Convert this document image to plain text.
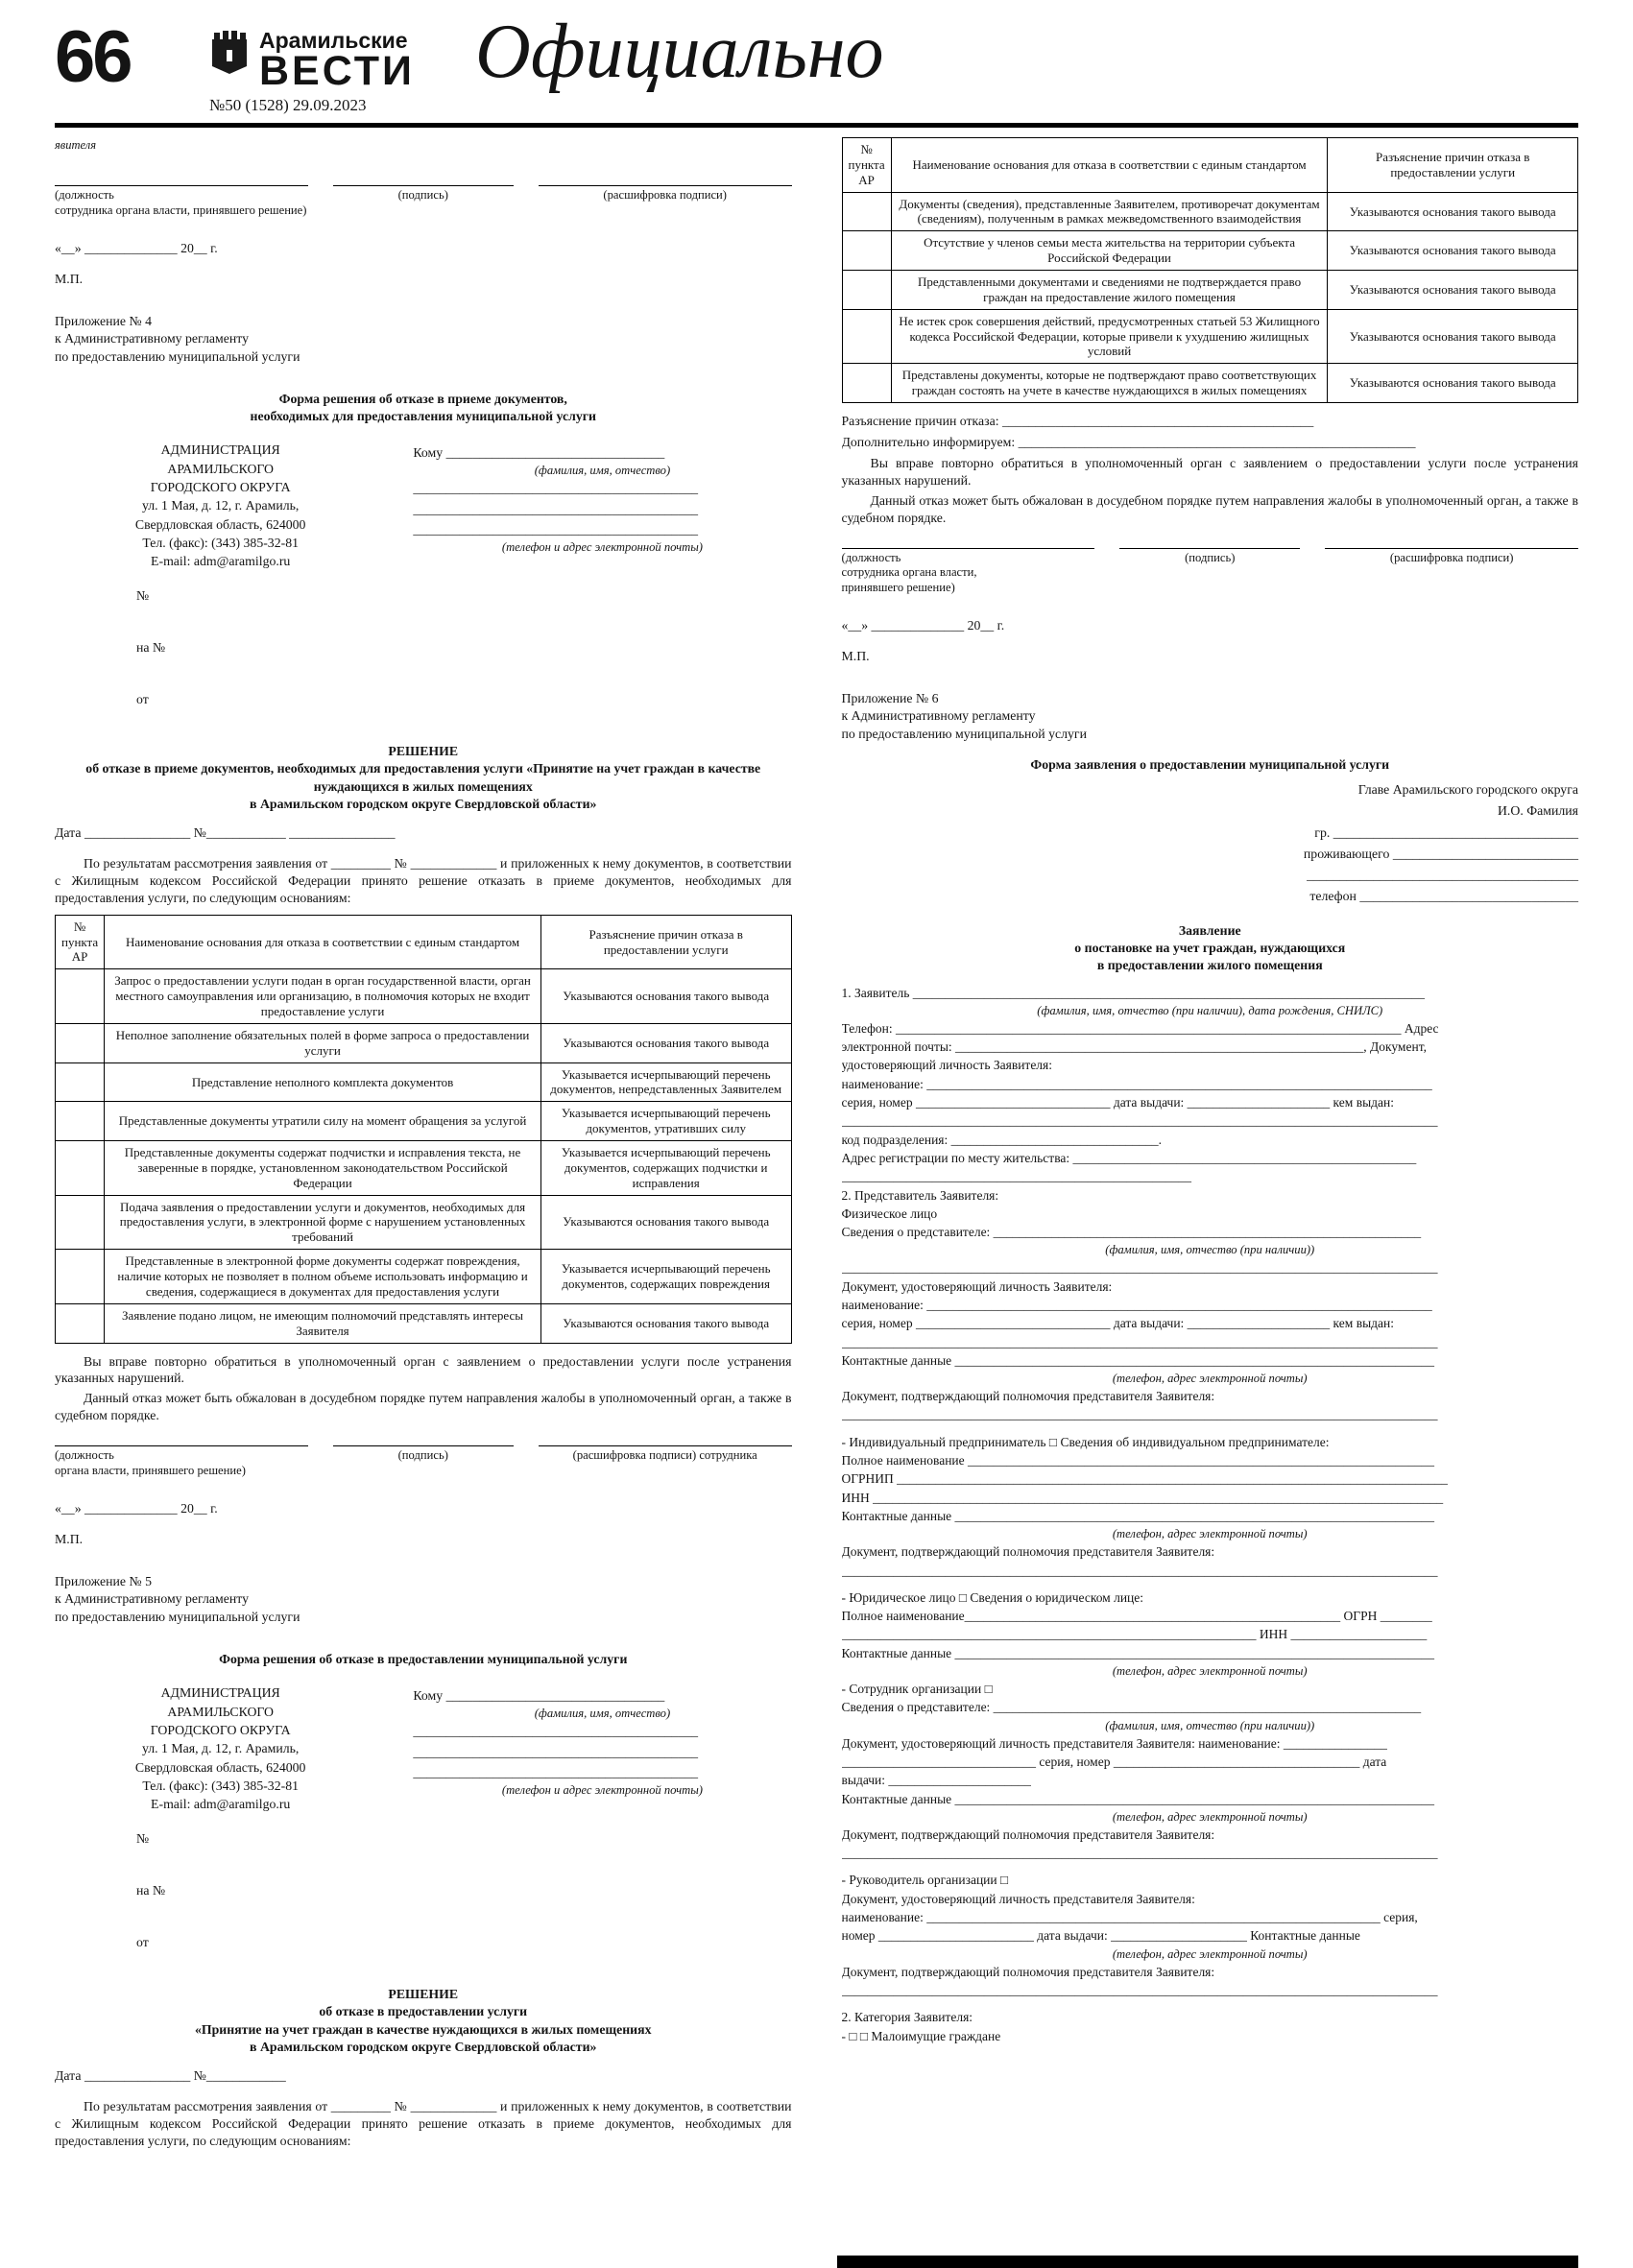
66	Арамильские
ВЕСТИ
№50 (1528) 29.09.2023
Официально
явителя
(должность	(подпись)	(расшифровка подписи)
сотрудника органа власти, принявшего решение)
«__» ______________ 20__ г.
М.П.
Приложение № 4
к Административному регламенту
по предоставлению муниципальной услуги
Форма решения об отказе в приеме документов,
необходимых для предоставления муниципальной услуги
АДМИНИСТРАЦИЯ
АРАМИЛЬСКОГО
ГОРОДСКОГО ОКРУГА
ул. 1 Мая, д. 12, г. Арамиль,
Свердловская область, 624000
Тел. (факс): (343) 385-32-81
E-mail: adm@aramilgo.ru
Кому _________________________________
(фамилия, имя, отчество)
___________________________________________
___________________________________________
___________________________________________
(телефон и адрес электронной почты)
№
на №
от
РЕШЕНИЕ
об отказе в приеме документов, необходимых для предоставления услуги «Принятие на учет граждан в качестве нуждающихся в жилых помещениях
в Арамильском городском округе Свердловской области»
Дата ________________ №____________ ________________

По результатам рассмотрения заявления от _________ № _____________ и приложенных к нему документов, в соответствии с Жилищным кодексом Российской Федерации принято решение отказать в приеме документов, необходимых для предоставления услуги, по следующим основаниям:

№ пункта АР	Наименование основания для отказа в соответствии с единым стандартом	Разъяснение причин отказа в предоставлении услуги
	Запрос о предоставлении услуги подан в орган государственной власти, орган местного самоуправления или организацию, в полномочия которых не входит предоставление услуги	Указываются основания такого вывода
	Неполное заполнение обязательных полей в форме запроса о предоставлении услуги	Указываются основания такого вывода
	Представление неполного комплекта документов	Указывается исчерпывающий перечень документов, непредставленных Заявителем
	Представленные документы утратили силу на момент обращения за услугой	Указывается исчерпывающий перечень документов, утративших силу
	Представленные документы содержат подчистки и исправления текста, не заверенные в порядке, установленном законодательством Российской Федерации	Указывается исчерпывающий перечень документов, содержащих подчистки и исправления
	Подача заявления о предоставлении услуги и документов, необходимых для предоставления услуги, в электронной форме с нарушением установленных требований	Указываются основания такого вывода
	Представленные в электронной форме документы содержат повреждения, наличие которых не позволяет в полном объеме использовать информацию и сведения, содержащиеся в документах для предоставления услуги	Указывается исчерпывающий перечень документов, содержащих повреждения
	Заявление подано лицом, не имеющим полномочий представлять интересы Заявителя	Указываются основания такого вывода

Вы вправе повторно обратиться в уполномоченный орган с заявлением о предоставлении услуги после устранения указанных нарушений.

Данный отказ может быть обжалован в досудебном порядке путем направления жалобы в уполномоченный орган, а также в судебном порядке.

(должность	(подпись)	(расшифровка подписи) сотрудника
органа власти, принявшего решение)
«__» ______________ 20__ г.
М.П.
Приложение № 5
к Административному регламенту
по предоставлению муниципальной услуги
Форма решения об отказе в предоставлении муниципальной услуги
АДМИНИСТРАЦИЯ
АРАМИЛЬСКОГО
ГОРОДСКОГО ОКРУГА
ул. 1 Мая, д. 12, г. Арамиль,
Свердловская область, 624000
Тел. (факс): (343) 385-32-81
E-mail: adm@aramilgo.ru
Кому _________________________________
(фамилия, имя, отчество)
___________________________________________
___________________________________________
___________________________________________
(телефон и адрес электронной почты)
№
на №
от
РЕШЕНИЕ
об отказе в предоставлении услуги
«Принятие на учет граждан в качестве нуждающихся в жилых помещениях
в Арамильском городском округе Свердловской области»
Дата ________________ №____________

По результатам рассмотрения заявления от _________ № _____________ и приложенных к нему документов, в соответствии с Жилищным кодексом Российской Федерации принято решение отказать в приеме документов, необходимых для предоставления услуги, по следующим основаниям:

№ пункта АР	Наименование основания для отказа в соответствии с единым стандартом	Разъяснение причин отказа в предоставлении услуги
	Документы (сведения), представленные Заявителем, противоречат документам (сведениям), полученным в рамках межведомственного взаимодействия	Указываются основания такого вывода
	Отсутствие у членов семьи места жительства на территории субъекта Российской Федерации	Указываются основания такого вывода
	Представленными документами и сведениями не подтверждается право граждан на предоставление жилого помещения	Указываются основания такого вывода
	Не истек срок совершения действий, предусмотренных статьей 53 Жилищного кодекса Российской Федерации, которые привели к ухудшению жилищных условий	Указываются основания такого вывода
	Представлены документы, которые не подтверждают право соответствующих граждан состоять на учете в качестве нуждающихся в жилых помещениях	Указываются основания такого вывода
Разъяснение причин отказа: _______________________________________________
Дополнительно информируем: ____________________________________________________________

Вы вправе повторно обратиться в уполномоченный орган с заявлением о предоставлении услуги после устранения указанных нарушений.

Данный отказ может быть обжалован в досудебном порядке путем направления жалобы в уполномоченный орган, а также в судебном порядке.

(должность
сотрудника органа власти,
принявшего решение)
(подпись)	(расшифровка подписи)
«__» ______________ 20__ г.
М.П.
Приложение № 6
к Административному регламенту
по предоставлению муниципальной услуги
Форма заявления о предоставлении муниципальной услуги
Главе Арамильского городского округа
И.О. Фамилия
гр. _____________________________________
проживающего ____________________________
_________________________________________
телефон _________________________________
Заявление
о постановке на учет граждан, нуждающихся
в предоставлении жилого помещения
1. Заявитель _______________________________________________________________________________
(фамилия, имя, отчество (при наличии), дата рождения, СНИЛС)
Телефон: ______________________________________________________________________________ Адрес
электронной почты: _______________________________________________________________, Документ,
удостоверяющий личность Заявителя:
наименование: ______________________________________________________________________________
серия, номер ______________________________ дата выдачи: ______________________ кем выдан:
____________________________________________________________________________________________
код подразделения: ________________________________.
Адрес регистрации по месту жительства: _____________________________________________________
______________________________________________________
2. Представитель Заявителя:
Физическое лицо
Сведения о представителе: __________________________________________________________________
(фамилия, имя, отчество (при наличии))
____________________________________________________________________________________________
Документ, удостоверяющий личность Заявителя:
наименование: ______________________________________________________________________________
серия, номер ______________________________ дата выдачи: ______________________ кем выдан:
____________________________________________________________________________________________
Контактные данные __________________________________________________________________________
(телефон, адрес электронной почты)
Документ, подтверждающий полномочия представителя Заявителя:
____________________________________________________________________________________________
- Индивидуальный предприниматель □ Сведения об индивидуальном предпринимателе:
Полное наименование ________________________________________________________________________
ОГРНИП _____________________________________________________________________________________
ИНН ________________________________________________________________________________________
Контактные данные __________________________________________________________________________
(телефон, адрес электронной почты)
Документ, подтверждающий полномочия представителя Заявителя:
____________________________________________________________________________________________
- Юридическое лицо □ Сведения о юридическом лице:
Полное наименование__________________________________________________________ ОГРН ________
________________________________________________________________ ИНН _____________________
Контактные данные __________________________________________________________________________
(телефон, адрес электронной почты)
- Сотрудник организации □
Сведения о представителе: __________________________________________________________________
(фамилия, имя, отчество (при наличии))
Документ, удостоверяющий личность представителя Заявителя: наименование: ________________
______________________________ серия, номер ______________________________________ дата
выдачи: ______________________
Контактные данные __________________________________________________________________________
(телефон, адрес электронной почты)
Документ, подтверждающий полномочия представителя Заявителя:
____________________________________________________________________________________________
- Руководитель организации □
Документ, удостоверяющий личность представителя Заявителя:
наименование: ______________________________________________________________________ серия,
номер ________________________ дата выдачи: _____________________ Контактные данные
(телефон, адрес электронной почты)
Документ, подтверждающий полномочия представителя Заявителя:
____________________________________________________________________________________________
2. Категория Заявителя:
- □ □ Малоимущие граждане
